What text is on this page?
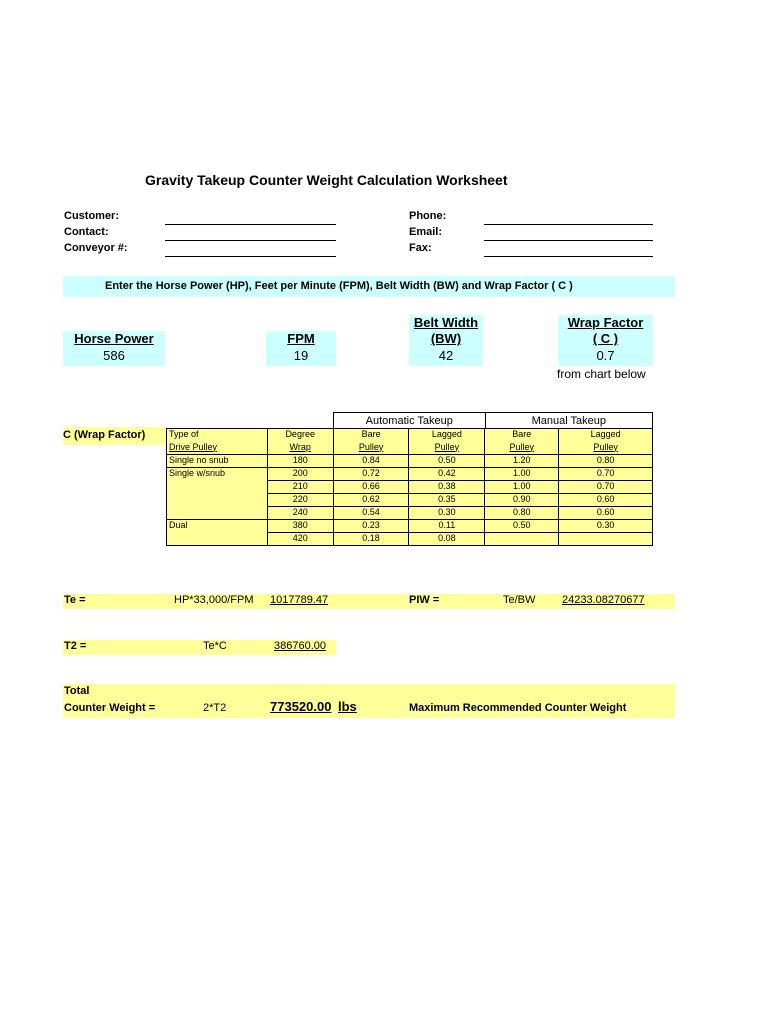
Gravity Takeup Counter Weight Calculation Worksheet
Customer:
Contact:
Conveyor #:
Phone:
Email:
Fax:
Enter the Horse Power (HP), Feet per Minute (FPM), Belt Width (BW) and Wrap Factor ( C )
Horse Power
586
FPM
19
Belt Width
(BW)
42
Wrap Factor
( C )
0.7
from chart below
C (Wrap Factor)
Automatic Takeup	Manual Takeup
Type of	Degree	Bare	Lagged	Bare	Lagged
Drive Pulley	Wrap	Pulley	Pulley	Pulley	Pulley
Single no snub	180	0.84	0.50	1.20	0.80
Single w/snub	200	0.72	0.42	1.00	0.70
	210	0.66	0.38	1.00	0.70
	220	0.62	0.35	0.90	0.60
	240	0.54	0.30	0.80	0.60
Dual	380	0.23	0.11	0.50	0.30
	420	0.18	0.08		
Te =	HP*33,000/FPM 1017789.47	PIW =	Te/BW 24233.08270677
T2 =	Te*C	386760.00
Total
Counter Weight =	2*T2	773520.00 lbs	Maximum Recommended Counter Weight
